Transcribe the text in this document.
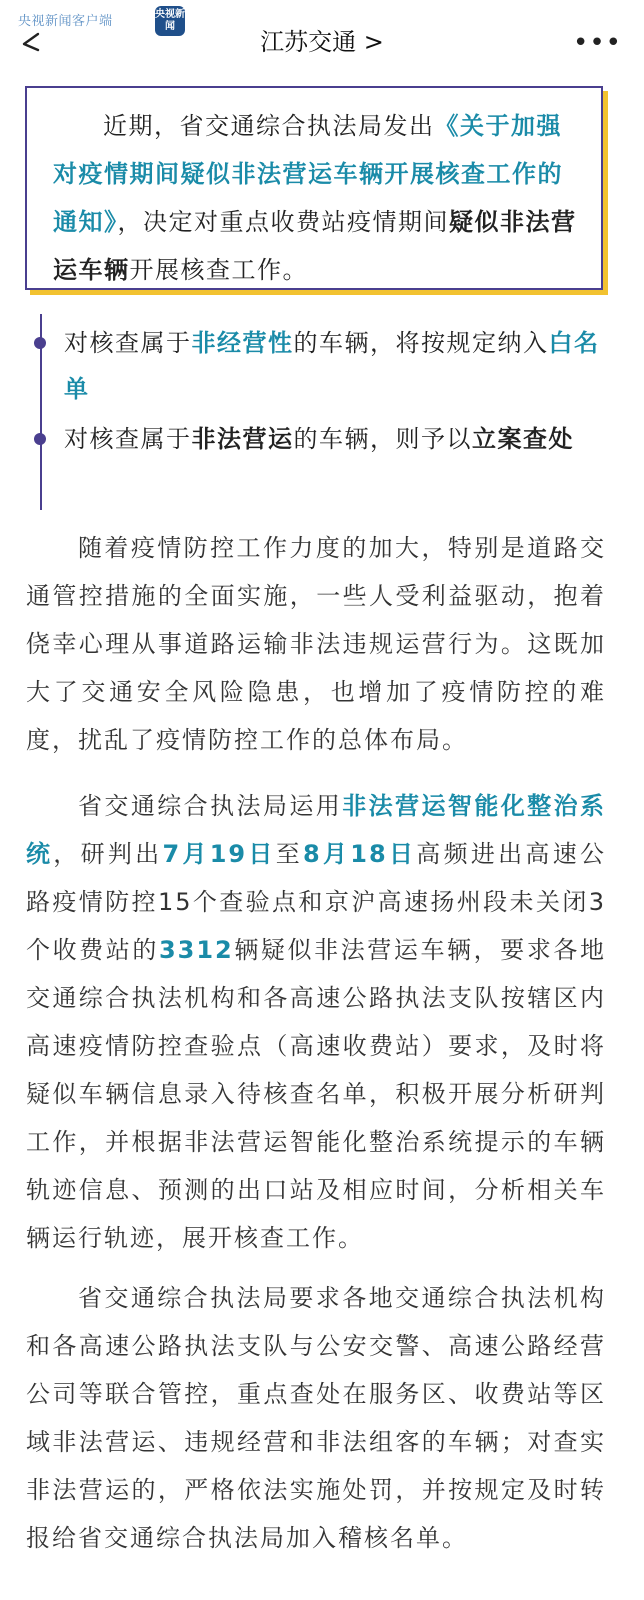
央视新闻客户端	央视新闻
江苏交通 >	•••
近期，省交通综合执法局发出《关于加强对疫情期间疑似非法营运车辆开展核查工作的通知》，决定对重点收费站疫情期间疑似非法营运车辆开展核查工作。
对核查属于非经营性的车辆，将按规定纳入白名单
对核查属于非法营运的车辆，则予以立案查处
随着疫情防控工作力度的加大，特别是道路交通管控措施的全面实施，一些人受利益驱动，抱着侥幸心理从事道路运输非法违规运营行为。这既加大了交通安全风险隐患，也增加了疫情防控的难度，扰乱了疫情防控工作的总体布局。
省交通综合执法局运用非法营运智能化整治系统，研判出7月19日至8月18日高频进出高速公路疫情防控15个查验点和京沪高速扬州段未关闭3个收费站的3312辆疑似非法营运车辆，要求各地交通综合执法机构和各高速公路执法支队按辖区内高速疫情防控查验点（高速收费站）要求，及时将疑似车辆信息录入待核查名单，积极开展分析研判工作，并根据非法营运智能化整治系统提示的车辆轨迹信息、预测的出口站及相应时间，分析相关车辆运行轨迹，展开核查工作。
省交通综合执法局要求各地交通综合执法机构和各高速公路执法支队与公安交警、高速公路经营公司等联合管控，重点查处在服务区、收费站等区域非法营运、违规经营和非法组客的车辆；对查实非法营运的，严格依法实施处罚，并按规定及时转报给省交通综合执法局加入稽核名单。
